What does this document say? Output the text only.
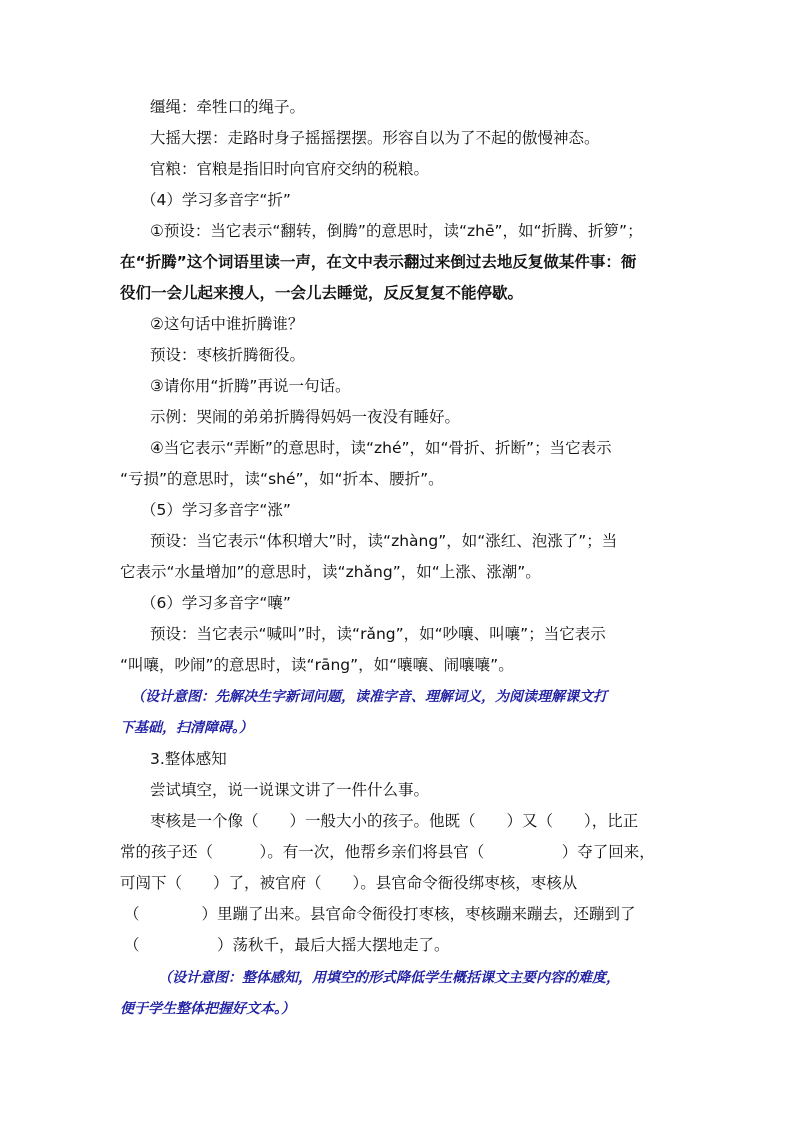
缰绳：牵牲口的绳子。
大摇大摆：走路时身子摇摇摆摆。形容自以为了不起的傲慢神态。
官粮：官粮是指旧时向官府交纳的税粮。
（4）学习多音字“折”
①预设：当它表示“翻转，倒腾”的意思时，读“zhē”，如“折腾、折箩”；
在“折腾”这个词语里读一声，在文中表示翻过来倒过去地反复做某件事：衙
役们一会儿起来搜人，一会儿去睡觉，反反复复不能停歇。
②这句话中谁折腾谁？
预设：枣核折腾衙役。
③请你用“折腾”再说一句话。
示例：哭闹的弟弟折腾得妈妈一夜没有睡好。
④当它表示“弄断”的意思时，读“zhé”，如“骨折、折断”；当它表示
“亏损”的意思时，读“shé”，如“折本、腰折”。
（5）学习多音字“涨”
预设：当它表示“体积增大”时，读“zhàng”，如“涨红、泡涨了”；当
它表示“水量增加”的意思时，读“zhǎng”，如“上涨、涨潮”。
（6）学习多音字“嚷”
预设：当它表示“喊叫”时，读“rǎng”，如“吵嚷、叫嚷”；当它表示
“叫嚷，吵闹”的意思时，读“rāng”，如“嚷嚷、闹嚷嚷”。
（设计意图：先解决生字新词问题，读准字音、理解词义，为阅读理解课文打
下基础，扫清障碍。）
3.整体感知
尝试填空，说一说课文讲了一件什么事。
枣核是一个像（　　）一般大小的孩子。他既（　　）又（　　），比正
常的孩子还（　　　）。有一次，他帮乡亲们将县官（　　　　　）夺了回来，
可闯下（　　）了，被官府（　　）。县官命令衙役绑枣核，枣核从
（　　　　）里蹦了出来。县官命令衙役打枣核，枣核蹦来蹦去，还蹦到了
（　　　　　）荡秋千，最后大摇大摆地走了。
（设计意图：整体感知，用填空的形式降低学生概括课文主要内容的难度，
便于学生整体把握好文本。）
